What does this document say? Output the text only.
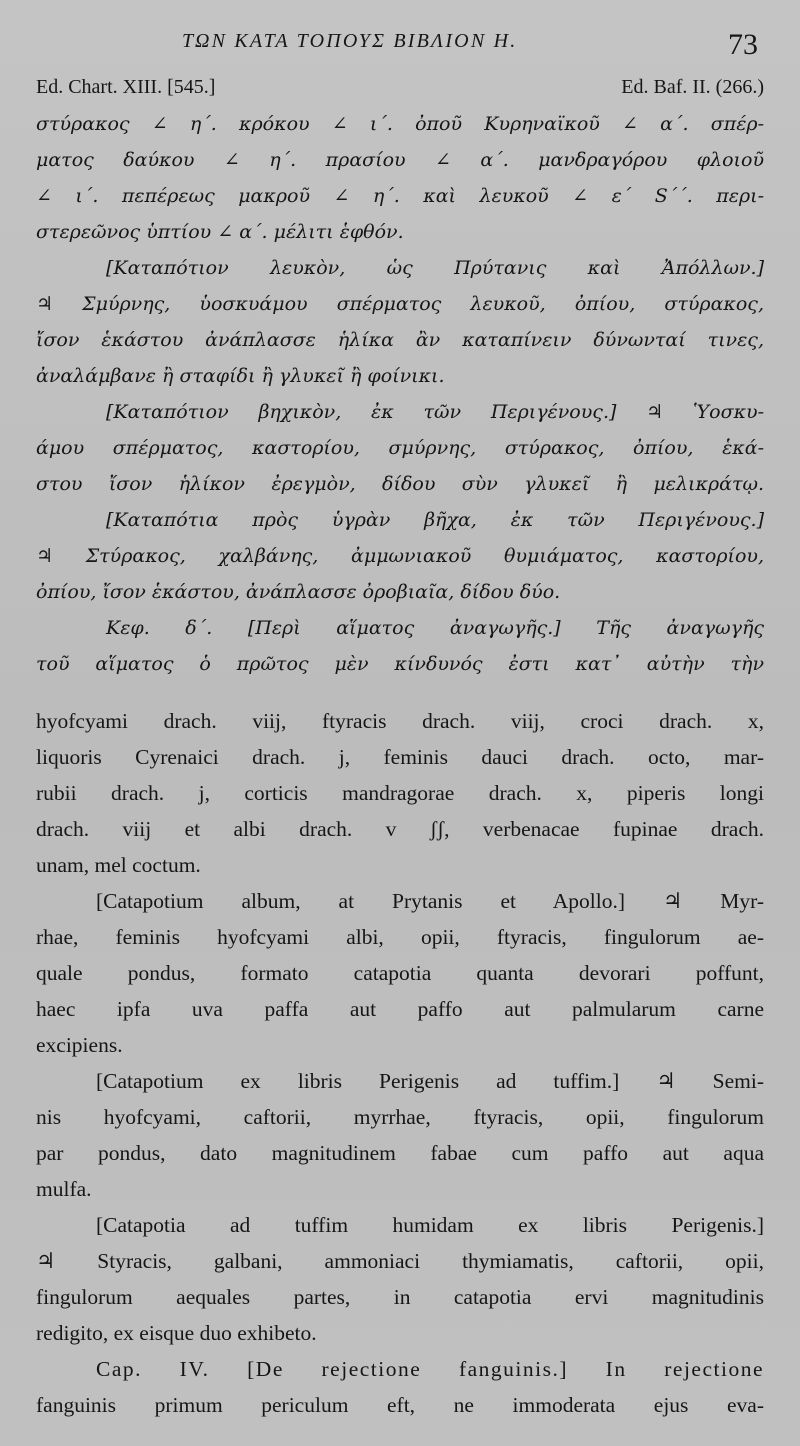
ΤΩΝ ΚΑΤΑ ΤΟΠΟΥΣ ΒΙΒΛΙΟΝ Η.	73
Ed. Chart. XIII. [545.]	Ed. Baf. II. (266.)
στύρακος ∠ η΄. κρόκου ∠ ι΄. ὀποῦ Κυρηναϊκοῦ ∠ α΄. σπέρ-
ματος δαύκου ∠ η΄. πρασίου ∠ α΄. μανδραγόρου φλοιοῦ
∠ ι΄. πεπέρεως μακροῦ ∠ η΄. καὶ λευκοῦ ∠ ε΄ S΄΄. περι-
στερεῶνος ὑπτίου ∠ α΄. μέλιτι ἑφθόν.
[Καταπότιον λευκὸν, ὡς Πρύτανις καὶ Ἀπόλλων.]
♃ Σμύρνης, ὑοσκυάμου σπέρματος λευκοῦ, ὀπίου, στύρακος,
ἴσον ἑκάστου ἀνάπλασσε ἡλίκα ἂν καταπίνειν δύνωνταί τινες,
ἀναλάμβανε ἢ σταφίδι ἢ γλυκεῖ ἢ φοίνικι.
[Καταπότιον βηχικὸν, ἐκ τῶν Περιγένους.] ♃ Ὑοσκυ-
άμου σπέρματος, καστορίου, σμύρνης, στύρακος, ὀπίου, ἑκά-
στου ἴσον ἡλίκον ἐρεγμὸν, δίδου σὺν γλυκεῖ ἢ μελικράτῳ.
[Καταπότια πρὸς ὑγρὰν βῆχα, ἐκ τῶν Περιγένους.]
♃ Στύρακος, χαλβάνης, ἀμμωνιακοῦ θυμιάματος, καστορίου,
ὀπίου, ἴσον ἑκάστου, ἀνάπλασσε ὀροβιαῖα, δίδου δύο.
Κεφ. δ΄. [Περὶ αἵματος ἀναγωγῆς.] Τῆς ἀναγωγῆς
τοῦ αἵματος ὁ πρῶτος μὲν κίνδυνός ἐστι κατ᾽ αὐτὴν τὴν
hyofcyami drach. viij, ftyracis drach. viij, croci drach. x,
liquoris Cyrenaici drach. j, feminis dauci drach. octo, mar-
rubii drach. j, corticis mandragorae drach. x, piperis longi
drach. viij et albi drach. v ʃʃ, verbenacae fupinae drach.
unam, mel coctum.
[Catapotium album, at Prytanis et Apollo.] ♃ Myr-
rhae, feminis hyofcyami albi, opii, ftyracis, fingulorum ae-
quale pondus, formato catapotia quanta devorari poffunt,
haec ipfa uva paffa aut paffo aut palmularum carne
excipiens.
[Catapotium ex libris Perigenis ad tuffim.] ♃ Semi-
nis hyofcyami, caftorii, myrrhae, ftyracis, opii, fingulorum
par pondus, dato magnitudinem fabae cum paffo aut aqua
mulfa.
[Catapotia ad tuffim humidam ex libris Perigenis.]
♃ Styracis, galbani, ammoniaci thymiamatis, caftorii, opii,
fingulorum aequales partes, in catapotia ervi magnitudinis
redigito, ex eisque duo exhibeto.
Cap. IV. [De rejectione fanguinis.] In rejectione
fanguinis primum periculum eft, ne immoderata ejus eva-
